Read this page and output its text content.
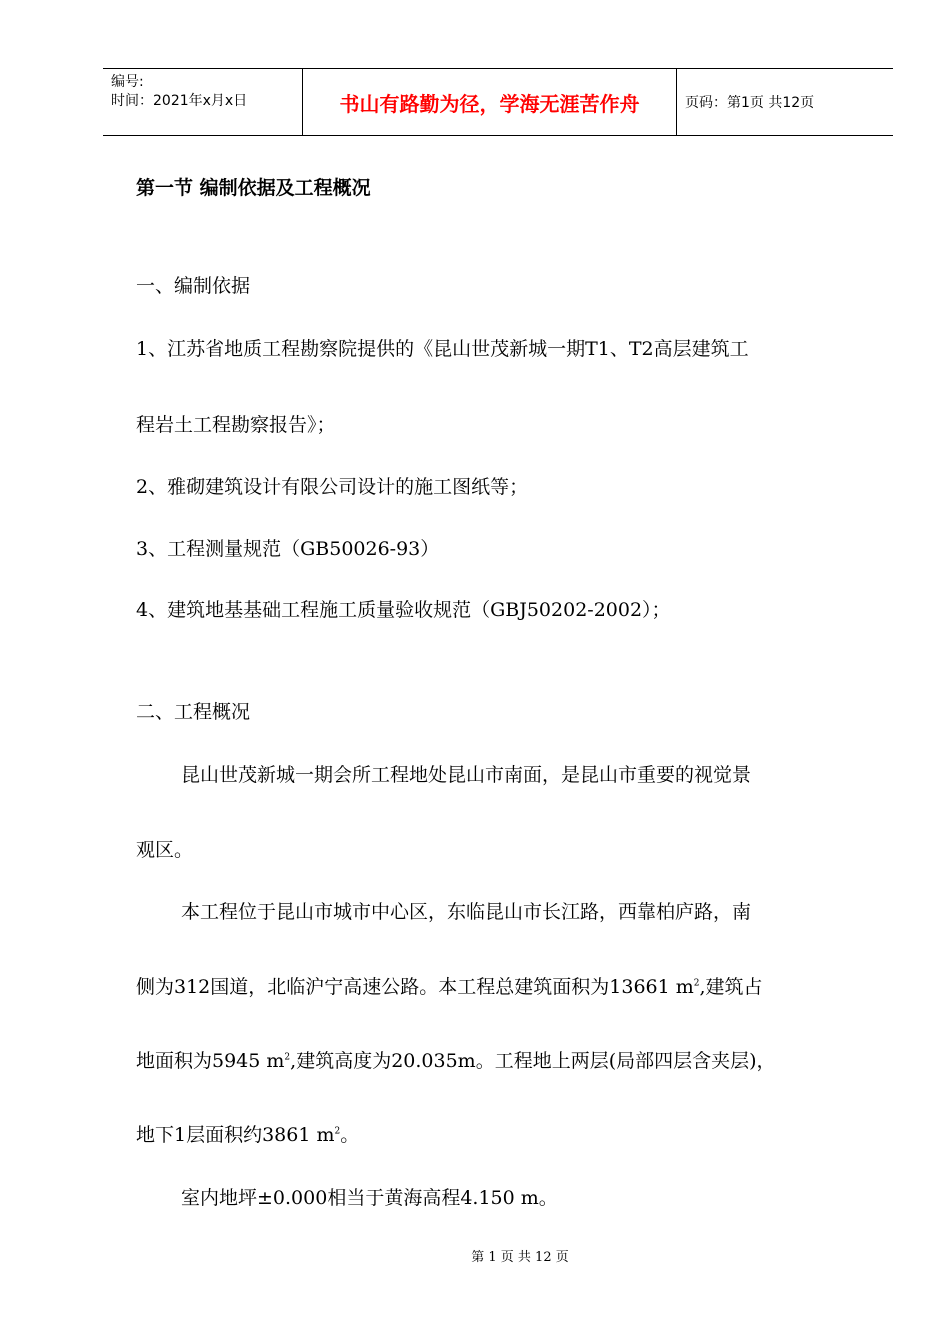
编号:
时间：2021年x月x日	书山有路勤为径，学海无涯苦作舟	页码：第1页 共12页
第一节 编制依据及工程概况
一、编制依据
1、江苏省地质工程勘察院提供的《昆山世茂新城一期T1、T2高层建筑工
程岩土工程勘察报告》；
2、雅砌建筑设计有限公司设计的施工图纸等；
3、工程测量规范（GB50026-93）
4、建筑地基基础工程施工质量验收规范（GBJ50202-2002）；
二、工程概况
昆山世茂新城一期会所工程地处昆山市南面，是昆山市重要的视觉景
观区。
本工程位于昆山市城市中心区，东临昆山市长江路，西靠柏庐路，南
侧为312国道，北临沪宁高速公路。本工程总建筑面积为13661 $m^2$,建筑占
地面积为5945 $m^2$,建筑高度为20.035m。工程地上两层(局部四层含夹层)，
地下1层面积约3861 $m^2$。
室内地坪±0.000相当于黄海高程4.150 m。
第 1 页 共 12 页
